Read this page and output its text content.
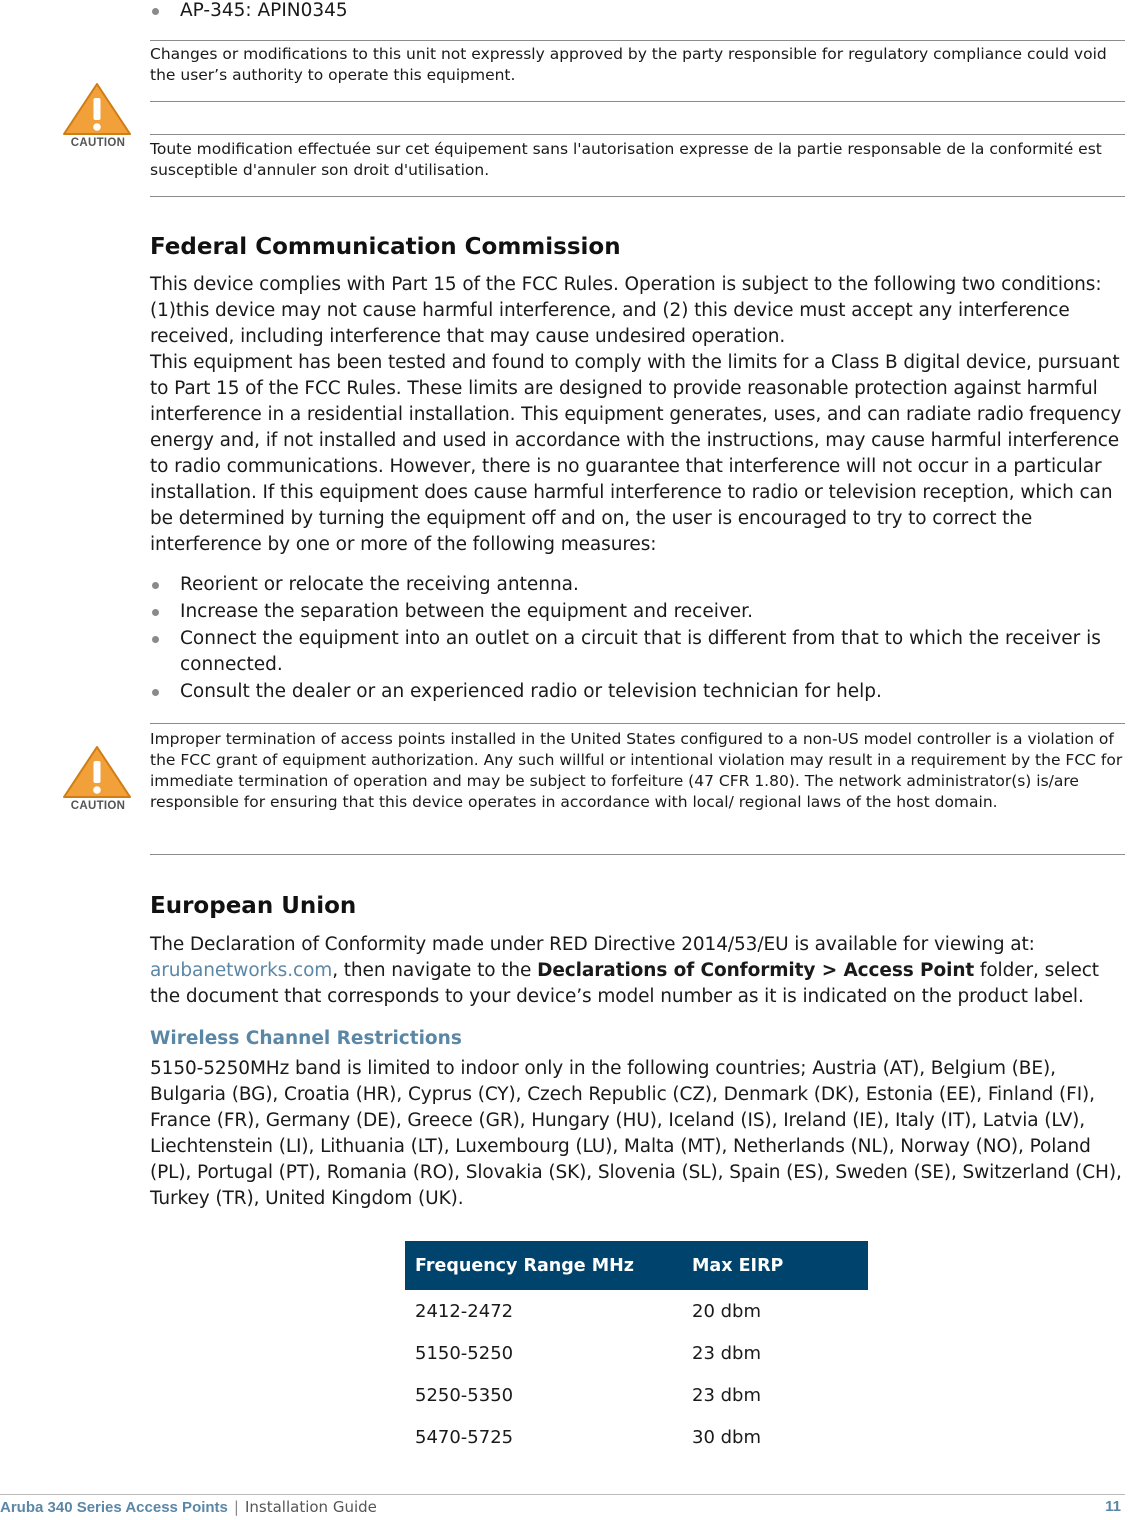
AP-345: APIN0345
CAUTION

Changes or modifications to this unit not expressly approved by the party responsible for regulatory compliance could void the user’s authority to operate this equipment.

Toute modification effectuée sur cet équipement sans l'autorisation expresse de la partie responsable de la conformité est susceptible d'annuler son droit d'utilisation.

Federal Communication Commission

This device complies with Part 15 of the FCC Rules. Operation is subject to the following two conditions: (1)this device may not cause harmful interference, and (2) this device must accept any interference received, including interference that may cause undesired operation.

This equipment has been tested and found to comply with the limits for a Class B digital device, pursuant to Part 15 of the FCC Rules. These limits are designed to provide reasonable protection against harmful interference in a residential installation. This equipment generates, uses, and can radiate radio frequency energy and, if not installed and used in accordance with the instructions, may cause harmful interference to radio communications. However, there is no guarantee that interference will not occur in a particular installation. If this equipment does cause harmful interference to radio or television reception, which can be determined by turning the equipment off and on, the user is encouraged to try to correct the interference by one or more of the following measures:

Reorient or relocate the receiving antenna.
Increase the separation between the equipment and receiver.
Connect the equipment into an outlet on a circuit that is different from that to which the receiver is connected.
Consult the dealer or an experienced radio or television technician for help.
CAUTION

Improper termination of access points installed in the United States configured to a non-US model controller is a violation of the FCC grant of equipment authorization. Any such willful or intentional violation may result in a requirement by the FCC for immediate termination of operation and may be subject to forfeiture (47 CFR 1.80). The network administrator(s) is/are responsible for ensuring that this device operates in accordance with local/ regional laws of the host domain.

European Union

The Declaration of Conformity made under RED Directive 2014/53/EU is available for viewing at: arubanetworks.com, then navigate to the Declarations of Conformity > Access Point folder, select the document that corresponds to your device’s model number as it is indicated on the product label.

Wireless Channel Restrictions

5150-5250MHz band is limited to indoor only in the following countries; Austria (AT), Belgium (BE), Bulgaria (BG), Croatia (HR), Cyprus (CY), Czech Republic (CZ), Denmark (DK), Estonia (EE), Finland (FI), France (FR), Germany (DE), Greece (GR), Hungary (HU), Iceland (IS), Ireland (IE), Italy (IT), Latvia (LV), Liechtenstein (LI), Lithuania (LT), Luxembourg (LU), Malta (MT), Netherlands (NL), Norway (NO), Poland (PL), Portugal (PT), Romania (RO), Slovakia (SK), Slovenia (SL), Spain (ES), Sweden (SE), Switzerland (CH), Turkey (TR), United Kingdom (UK).

Frequency Range MHz	Max EIRP
2412-2472	20 dbm
5150-5250	23 dbm
5250-5350	23 dbm
5470-5725	30 dbm
Aruba 340 Series Access Points | Installation Guide	11
